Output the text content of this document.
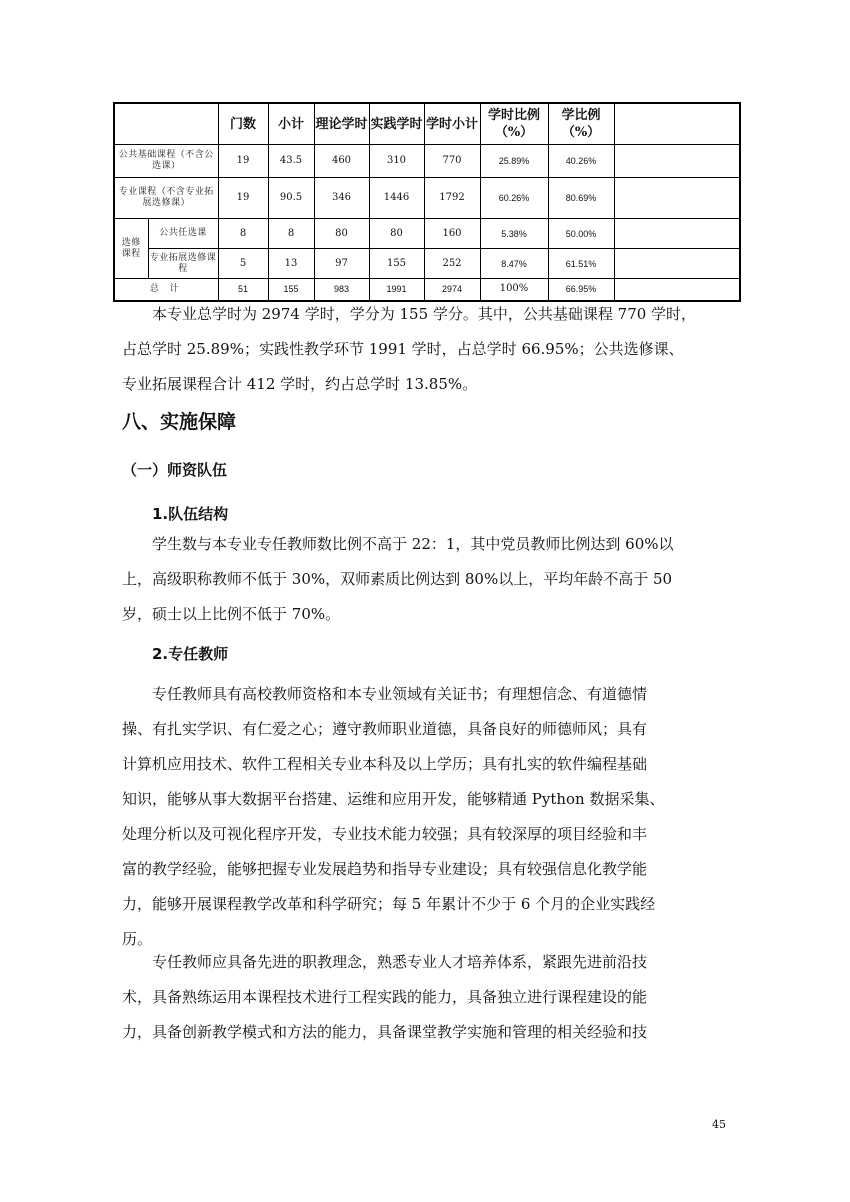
		门数	小计	理论学时	实践学时	学时小计	学时比例（%）	学比例（%）	
公共基础课程（不含公选课）		19	43.5	460	310	770	25.89%	40.26%	
专业课程（不含专业拓展选修课）		19	90.5	346	1446	1792	60.26%	80.69%	
选修课程	公共任选课	8	8	80	80	160	5.38%	50.00%	
	专业拓展选修课程	5	13	97	155	252	8.47%	61.51%	
总 计		51	155	983	1991	2974	100%	66.95%	
本专业总学时为 2974 学时，学分为 155 学分。其中，公共基础课程 770 学时，
占总学时 25.89%；实践性教学环节 1991 学时，占总学时 66.95%；公共选修课、
专业拓展课程合计 412 学时，约占总学时 13.85%。
八、实施保障
（一）师资队伍
1.队伍结构
学生数与本专业专任教师数比例不高于 22：1，其中党员教师比例达到 60%以
上，高级职称教师不低于 30%，双师素质比例达到 80%以上，平均年龄不高于 50
岁，硕士以上比例不低于 70%。
2.专任教师
专任教师具有高校教师资格和本专业领域有关证书；有理想信念、有道德情
操、有扎实学识、有仁爱之心；遵守教师职业道德，具备良好的师德师风；具有
计算机应用技术、软件工程相关专业本科及以上学历；具有扎实的软件编程基础
知识，能够从事大数据平台搭建、运维和应用开发，能够精通 Python 数据采集、
处理分析以及可视化程序开发，专业技术能力较强；具有较深厚的项目经验和丰
富的教学经验，能够把握专业发展趋势和指导专业建设；具有较强信息化教学能
力，能够开展课程教学改革和科学研究；每 5 年累计不少于 6 个月的企业实践经
历。
专任教师应具备先进的职教理念，熟悉专业人才培养体系，紧跟先进前沿技
术，具备熟练运用本课程技术进行工程实践的能力，具备独立进行课程建设的能
力，具备创新教学模式和方法的能力，具备课堂教学实施和管理的相关经验和技
45
